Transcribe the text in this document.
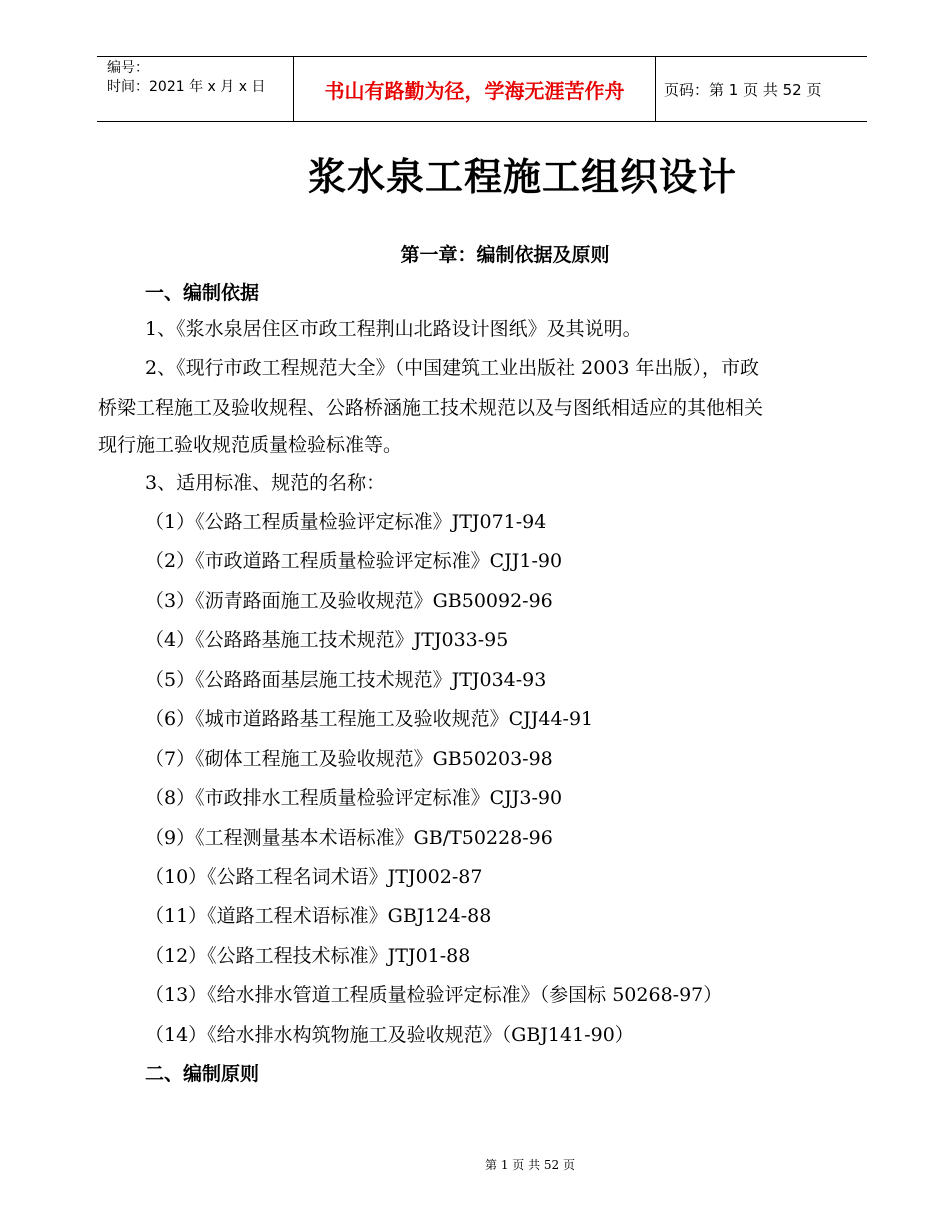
编号：
时间：2021 年 x 月 x 日	书山有路勤为径，学海无涯苦作舟	页码：第 1 页 共 52 页
浆水泉工程施工组织设计
第一章：编制依据及原则
一、编制依据
1、《浆水泉居住区市政工程荆山北路设计图纸》及其说明。
2、《现行市政工程规范大全》（中国建筑工业出版社 2003 年出版），市政
桥梁工程施工及验收规程、公路桥涵施工技术规范以及与图纸相适应的其他相关
现行施工验收规范质量检验标准等。
3、适用标准、规范的名称：
（1）《公路工程质量检验评定标准》JTJ071-94
（2）《市政道路工程质量检验评定标准》CJJ1-90
（3）《沥青路面施工及验收规范》GB50092-96
（4）《公路路基施工技术规范》JTJ033-95
（5）《公路路面基层施工技术规范》JTJ034-93
（6）《城市道路路基工程施工及验收规范》CJJ44-91
（7）《砌体工程施工及验收规范》GB50203-98
（8）《市政排水工程质量检验评定标准》CJJ3-90
（9）《工程测量基本术语标准》GB/T50228-96
（10）《公路工程名词术语》JTJ002-87
（11）《道路工程术语标准》GBJ124-88
（12）《公路工程技术标准》JTJ01-88
（13）《给水排水管道工程质量检验评定标准》（参国标 50268-97）
（14）《给水排水构筑物施工及验收规范》（GBJ141-90）
二、编制原则
第 1 页 共 52 页
